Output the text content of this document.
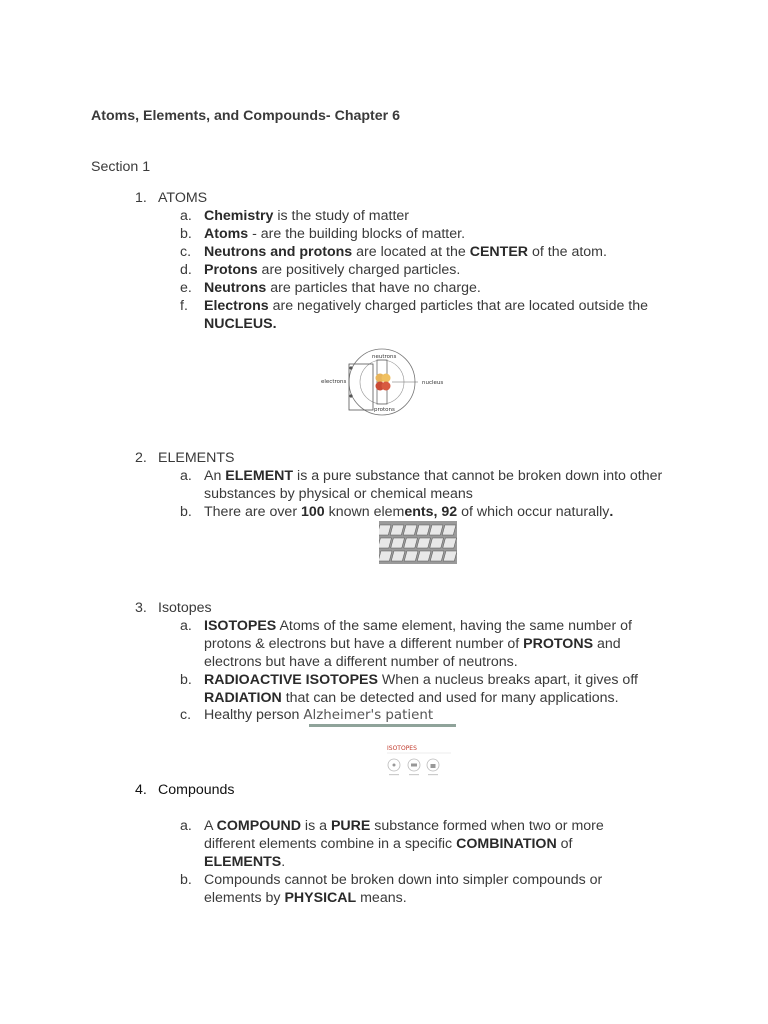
Atoms, Elements, and Compounds- Chapter 6
Section 1
1. ATOMS
a. Chemistry is the study of matter
b. Atoms - are the building blocks of matter.
c. Neutrons and protons are located at the CENTER of the atom.
d. Protons are positively charged particles.
e. Neutrons are particles that have no charge.
f. Electrons are negatively charged particles that are located outside the NUCLEUS.
neutrons
electrons	nucleus
protons
2. ELEMENTS
a. An ELEMENT is a pure substance that cannot be broken down into other substances by physical or chemical means
b. There are over 100 known elements, 92 of which occur naturally.
3. Isotopes
a. ISOTOPES Atoms of the same element, having the same number of protons & electrons but have a different number of PROTONS and electrons but have a different number of neutrons.
b. RADIOACTIVE ISOTOPES When a nucleus breaks apart, it gives off RADIATION that can be detected and used for many applications.
c. Healthy person Alzheimer's patient
ISOTOPES
4. Compounds
a. A COMPOUND is a PURE substance formed when two or more different elements combine in a specific COMBINATION of ELEMENTS.
b. Compounds cannot be broken down into simpler compounds or elements by PHYSICAL means.
